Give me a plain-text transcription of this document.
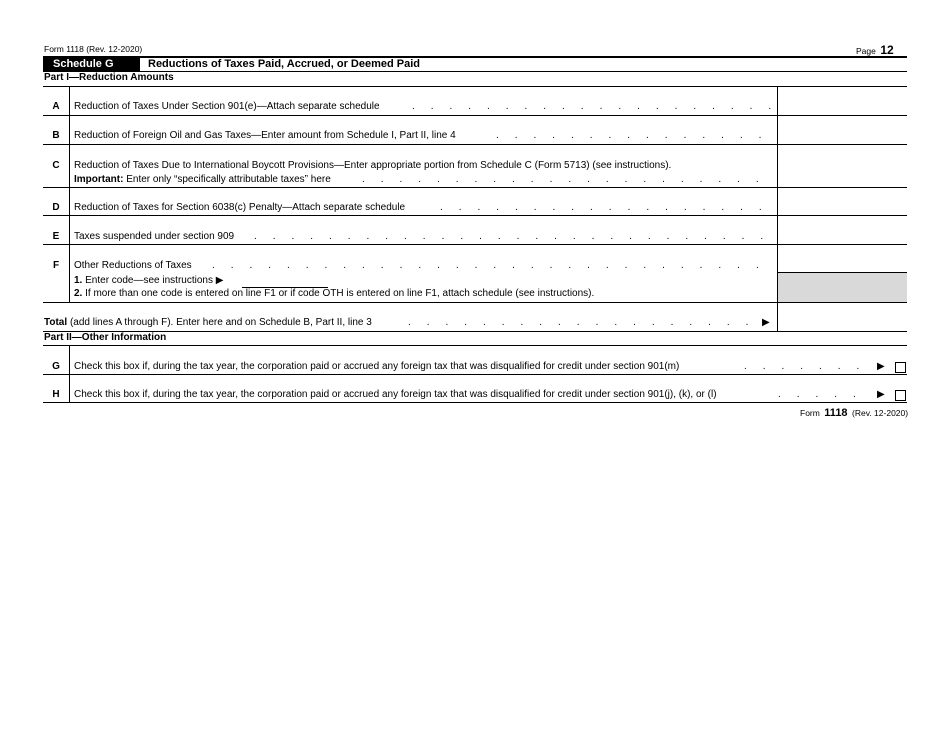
Form 1118 (Rev. 12-2020)	Page 12
Schedule G	Reductions of Taxes Paid, Accrued, or Deemed Paid
Part I—Reduction Amounts
A	Reduction of Taxes Under Section 901(e)—Attach separate schedule
. . .
B	Reduction of Foreign Oil and Gas Taxes—Enter amount from Schedule I, Part II, line 4
. . .
C	Reduction of Taxes Due to International Boycott Provisions—Enter appropriate portion from Schedule C (Form 5713) (see instructions).
Important: Enter only “specifically attributable taxes” here
. . .
D	Reduction of Taxes for Section 6038(c) Penalty—Attach separate schedule
. . .
E	Taxes suspended under section 909
. . .
F	Other Reductions of Taxes
. . .
1. Enter code—see instructions ▶
2. If more than one code is entered on line F1 or if code OTH is entered on line F1, attach schedule (see instructions).
Total (add lines A through F). Enter here and on Schedule B, Part II, line 3 . . .	▶
Part II—Other Information
G	Check this box if, during the tax year, the corporation paid or accrued any foreign tax that was disqualified for credit under section 901(m) . . .	▶
H	Check this box if, during the tax year, the corporation paid or accrued any foreign tax that was disqualified for credit under section 901(j), (k), or (l) . . .	▶
Form 1118 (Rev. 12-2020)
